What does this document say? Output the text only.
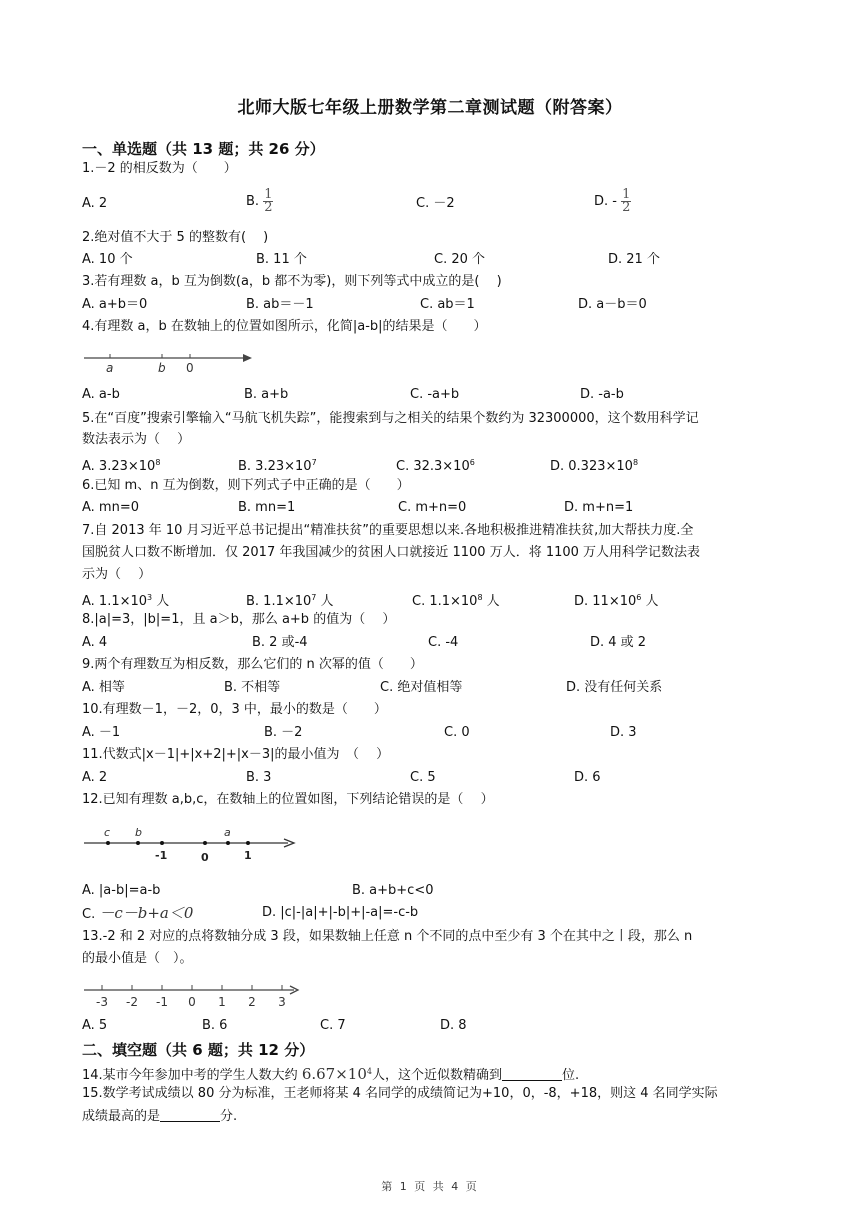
北师大版七年级上册数学第二章测试题（附答案）
一、单选题（共 13 题；共 26 分）
1.－2 的相反数为（　　）
A. 2	B. $\frac{1}{2}$	C. －2	D. - $\frac{1}{2}$
2.绝对值不大于 5 的整数有(　 )
A. 10 个	B. 11 个	C. 20 个	D. 21 个
3.若有理数 a，b 互为倒数(a，b 都不为零)，则下列等式中成立的是(　 )
A. a+b＝0	B. ab＝－1	C. ab＝1	D. a－b＝0
4.有理数 a，b 在数轴上的位置如图所示，化简|a-b|的结果是（　　）
a	b 0
A. a-b	B. a+b	C. -a+b	D. -a-b
5.在“百度”搜索引擎输入“马航飞机失踪”，能搜索到与之相关的结果个数约为 32300000，这个数用科学记
数法表示为（　 ）
A. $3.23\times 10^8$	B. $3.23\times 10^7$	C. $32.3\times 10^6$	D. $0.323\times 10^8$
6.已知 m、n 互为倒数，则下列式子中正确的是（　　）
A. mn=0	B. mn=1	C. m+n=0	D. m+n=1
7.自 2013 年 10 月习近平总书记提出“精准扶贫”的重要思想以来.各地积极推进精准扶贫,加大帮扶力度.全
国脱贫人口数不断增加．仅 2017 年我国减少的贫困人口就接近 1100 万人．将 1100 万人用科学记数法表
示为（　 ）
A. $1.1\times 10^3$ 人	B. $1.1\times 10^7$ 人	C. $1.1\times 10^8$ 人	D. $11\times 10^6$ 人
8.|a|=3，|b|=1，且 a＞b，那么 a+b 的值为（　 ）
A. 4	B. 2 或-4	C. -4	D. 4 或 2
9.两个有理数互为相反数，那么它们的 n 次幂的值（　　）
A. 相等	B. 不相等	C. 绝对值相等	D. 没有任何关系
10.有理数－1，－2，0，3 中，最小的数是（　　）
A. －1	B. －2	C. 0	D. 3
11.代数式|x－1|+|x+2|+|x－3|的最小值为　（　 ）
A. 2	B. 3	C. 5	D. 6
12.已知有理数 a,b,c，在数轴上的位置如图，下列结论错误的是（　 ）
c b	a
-1	0	1
A. |a-b|=a-b	B. a+b+c<0
C. －c－b+a＜0	D. |c|-|a|+|-b|+|-a|=-c-b
13.-2 和 2 对应的点将数轴分成 3 段，如果数轴上任意 n 个不同的点中至少有 3 个在其中之丨段，那么 n
的最小值是（　）。
-3 -2 -1 0 1 2 3
A. 5	B. 6	C. 7	D. 8
二、填空题（共 6 题；共 12 分）
14.某市今年参加中考的学生人数大约 $6.67\times 10^4$人，这个近似数精确到	位.
15.数学考试成绩以 80 分为标准，王老师将某 4 名同学的成绩简记为+10，0，-8，+18，则这 4 名同学实际
成绩最高的是	分.
第 1 页 共 4 页
